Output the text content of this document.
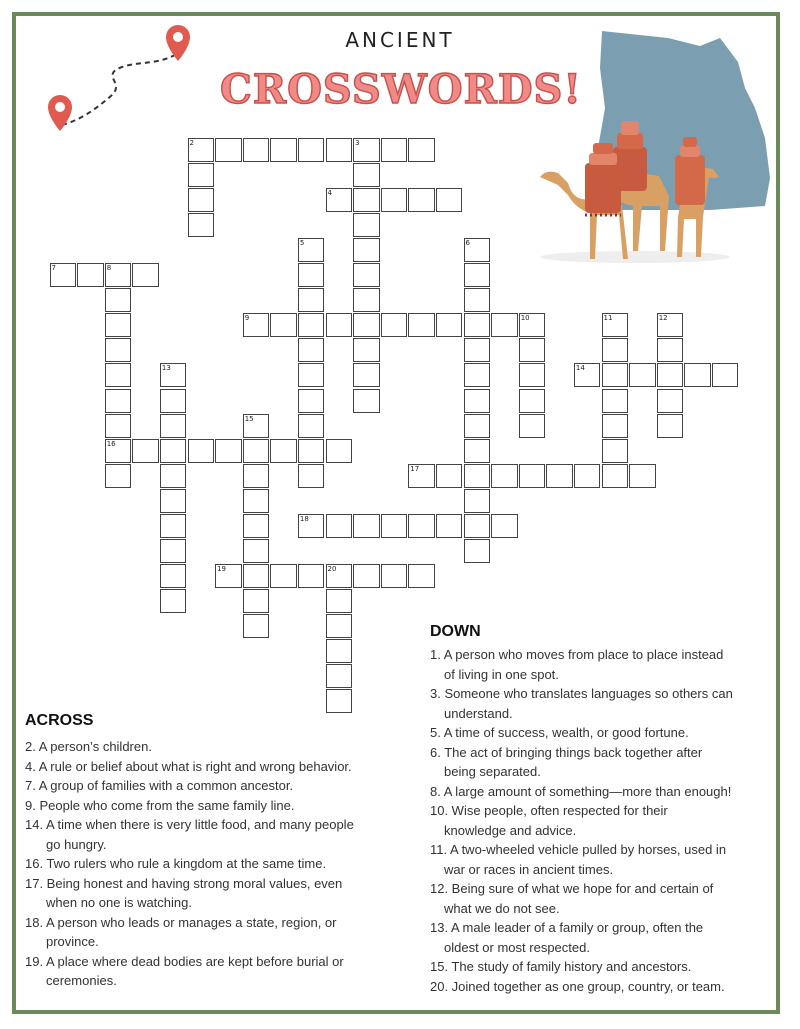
ANCIENT
CROSSWORDS!
2	3
4
5	6
7	8
9	10	11	12
13	14
15
16
17
18
19	20
ACROSS
2. A person’s children.
4. A rule or belief about what is right and wrong behavior.
7. A group of families with a common ancestor.
9. People who come from the same family line.
14. A time when there is very little food, and many people
go hungry.
16. Two rulers who rule a kingdom at the same time.
17. Being honest and having strong moral values, even
when no one is watching.
18. A person who leads or manages a state, region, or
province.
19. A place where dead bodies are kept before burial or
ceremonies.
DOWN
1. A person who moves from place to place instead
of living in one spot.
3. Someone who translates languages so others can
understand.
5. A time of success, wealth, or good fortune.
6. The act of bringing things back together after
being separated.
8. A large amount of something—more than enough!
10. Wise people, often respected for their
knowledge and advice.
11. A two-wheeled vehicle pulled by horses, used in
war or races in ancient times.
12. Being sure of what we hope for and certain of
what we do not see.
13. A male leader of a family or group, often the
oldest or most respected.
15. The study of family history and ancestors.
20. Joined together as one group, country, or team.
